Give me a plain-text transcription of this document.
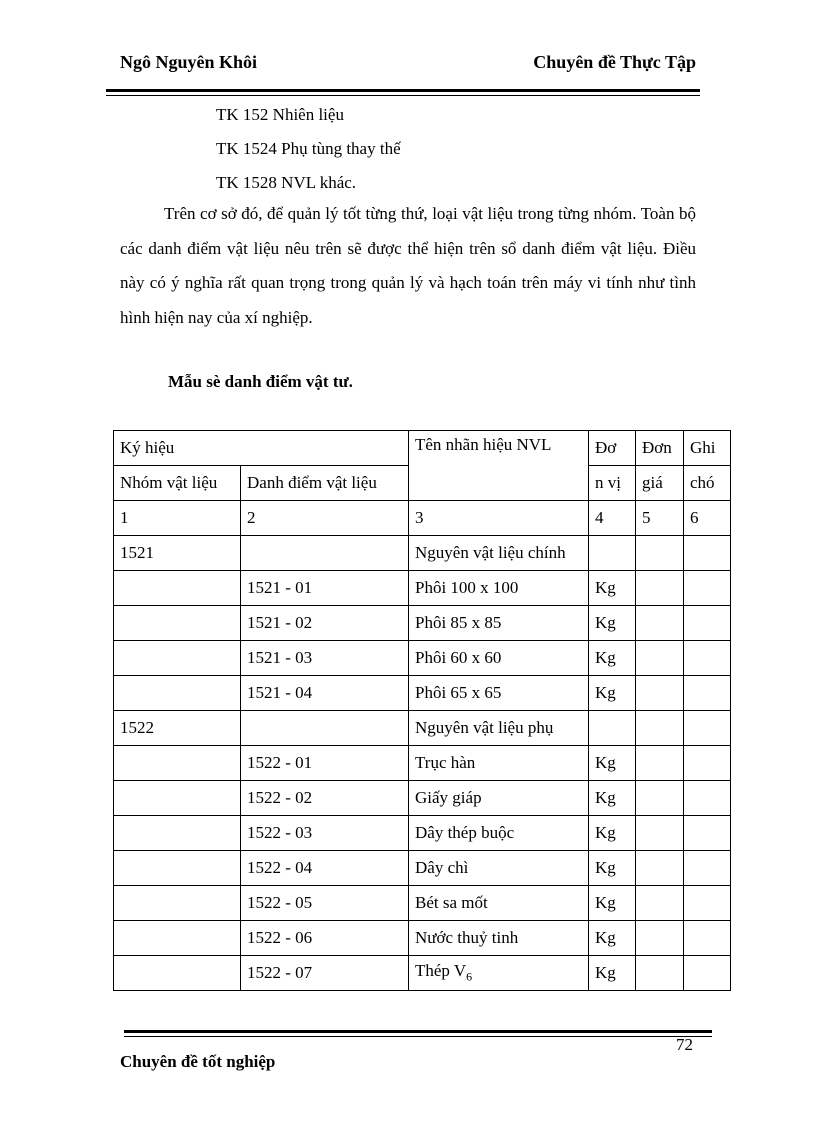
Ngô Nguyên Khôi	Chuyên đề Thực Tập
TK 152 Nhiên liệu
TK 1524 Phụ tùng thay thế
TK 1528 NVL khác.
Trên cơ sở đó, để quản lý tốt từng thứ, loại vật liệu trong từng nhóm. Toàn bộ các danh điểm vật liệu nêu trên sẽ được thể hiện trên sổ danh điểm vật liệu. Điều này có ý nghĩa rất quan trọng trong quản lý và hạch toán trên máy vi tính như tình hình hiện nay của xí nghiệp.
Mẫu sè danh điểm vật tư.
Ký hiệu		Tên nhãn hiệu NVL	Đơ	Đơn	Ghi
Nhóm vật liệu	Danh điểm vật liệu		n vị	giá	chó
1	2	3	4	5	6
1521		Nguyên vật liệu chính			
	1521 - 01	Phôi 100 x 100	Kg		
	1521 - 02	Phôi 85 x 85	Kg		
	1521 - 03	Phôi 60 x 60	Kg		
	1521 - 04	Phôi 65 x 65	Kg		
1522		Nguyên vật liệu phụ			
	1522 - 01	Trục hàn	Kg		
	1522 - 02	Giấy giáp	Kg		
	1522 - 03	Dây thép buộc	Kg		
	1522 - 04	Dây chì	Kg		
	1522 - 05	Bét sa mốt	Kg		
	1522 - 06	Nước thuỷ tinh	Kg		
	1522 - 07	Thép $V_6$	Kg		
72
Chuyên đề tốt nghiệp
